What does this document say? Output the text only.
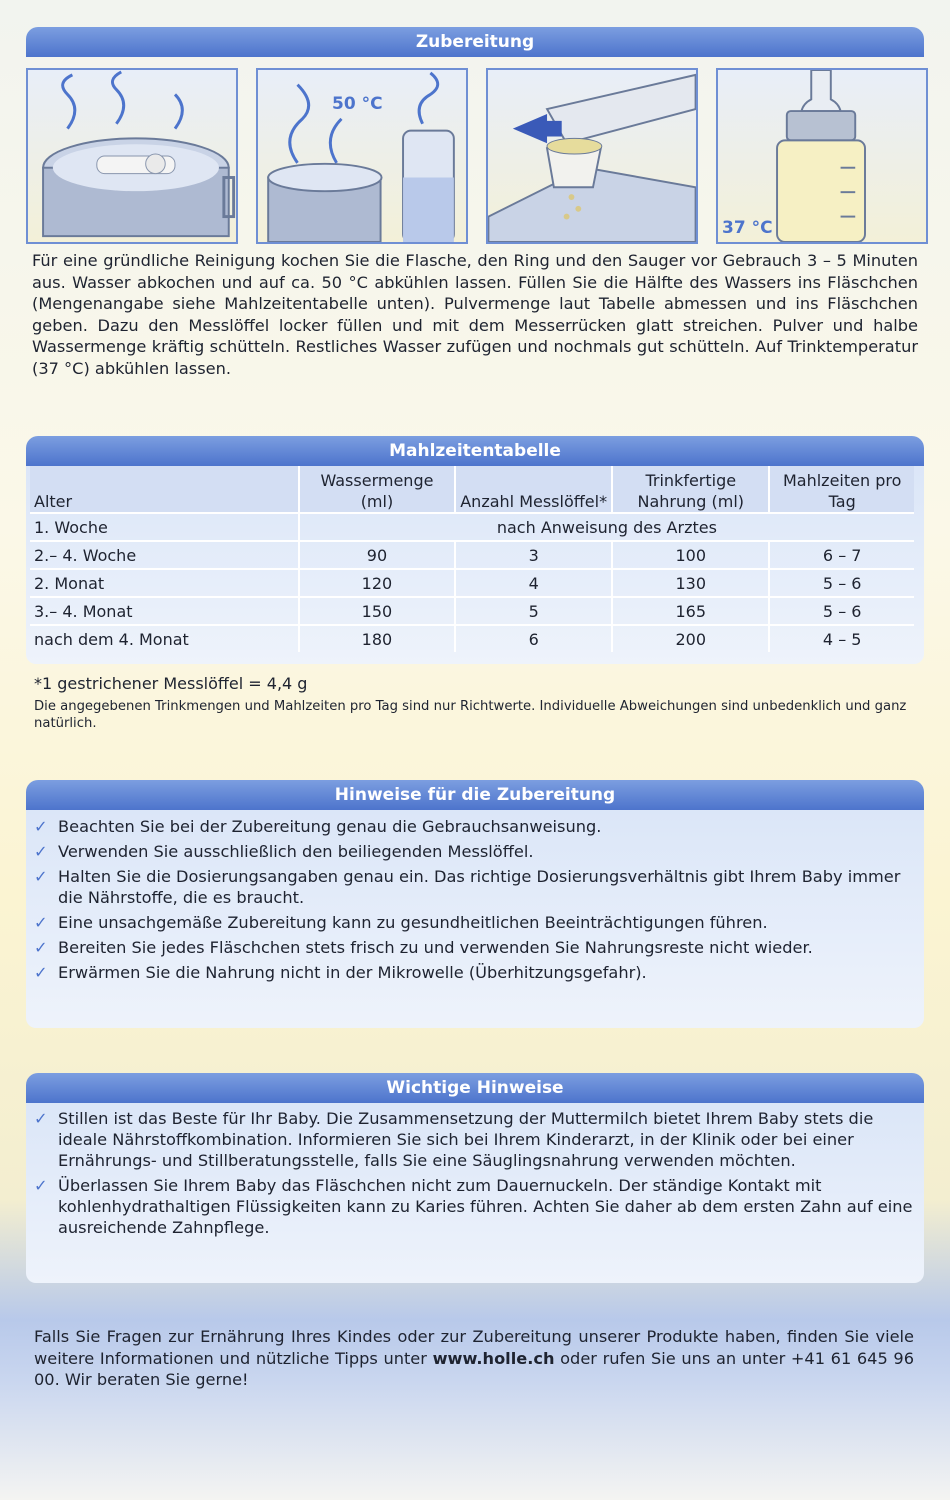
Zubereitung
50 °C
37 °C

Für eine gründliche Reinigung kochen Sie die Flasche, den Ring und den Sauger vor Gebrauch 3 – 5 Minuten aus. Wasser abkochen und auf ca. 50 °C abkühlen lassen. Füllen Sie die Hälfte des Wassers ins Fläschchen (Mengenangabe siehe Mahlzeitentabelle unten). Pulvermenge laut Tabelle abmessen und ins Fläschchen geben. Dazu den Messlöffel locker füllen und mit dem Messerrücken glatt streichen. Pulver und halbe Wassermenge kräftig schütteln. Restliches Wasser zufügen und nochmals gut schütteln. Auf Trinktemperatur (37 °C) abkühlen lassen.

Mahlzeitentabelle
Alter	Wassermenge (ml)	Anzahl Messlöffel*	Trinkfertige Nahrung (ml)	Mahlzeiten pro Tag
1. Woche	nach Anweisung des Arztes			
2.– 4. Woche	90	3	100	6 – 7
2. Monat	120	4	130	5 – 6
3.– 4. Monat	150	5	165	5 – 6
nach dem 4. Monat	180	6	200	4 – 5

*1 gestrichener Messlöffel = 4,4 g

Die angegebenen Trinkmengen und Mahlzeiten pro Tag sind nur Richtwerte. Individuelle Abweichungen sind unbedenklich und ganz natürlich.

Hinweise für die Zubereitung
✓ Beachten Sie bei der Zubereitung genau die Gebrauchsanweisung.
✓ Verwenden Sie ausschließlich den beiliegenden Messlöffel.
✓ Halten Sie die Dosierungsangaben genau ein. Das richtige Dosierungsverhältnis gibt Ihrem Baby immer die Nährstoffe, die es braucht.
✓ Eine unsachgemäße Zubereitung kann zu gesundheitlichen Beeinträchtigungen führen.
✓ Bereiten Sie jedes Fläschchen stets frisch zu und verwenden Sie Nahrungsreste nicht wieder.
✓ Erwärmen Sie die Nahrung nicht in der Mikrowelle (Überhitzungsgefahr).
Wichtige Hinweise
✓ Stillen ist das Beste für Ihr Baby. Die Zusammensetzung der Muttermilch bietet Ihrem Baby stets die ideale Nährstoffkombination. Informieren Sie sich bei Ihrem Kinderarzt, in der Klinik oder bei einer Ernährungs- und Stillberatungsstelle, falls Sie eine Säuglingsnahrung verwenden möchten.
✓ Überlassen Sie Ihrem Baby das Fläschchen nicht zum Dauernuckeln. Der ständige Kontakt mit kohlenhydrathaltigen Flüssigkeiten kann zu Karies führen. Achten Sie daher ab dem ersten Zahn auf eine ausreichende Zahnpflege.

Falls Sie Fragen zur Ernährung Ihres Kindes oder zur Zubereitung unserer Produkte haben, finden Sie viele weitere Informationen und nützliche Tipps unter www.holle.ch oder rufen Sie uns an unter +41 61 645 96 00. Wir beraten Sie gerne!
